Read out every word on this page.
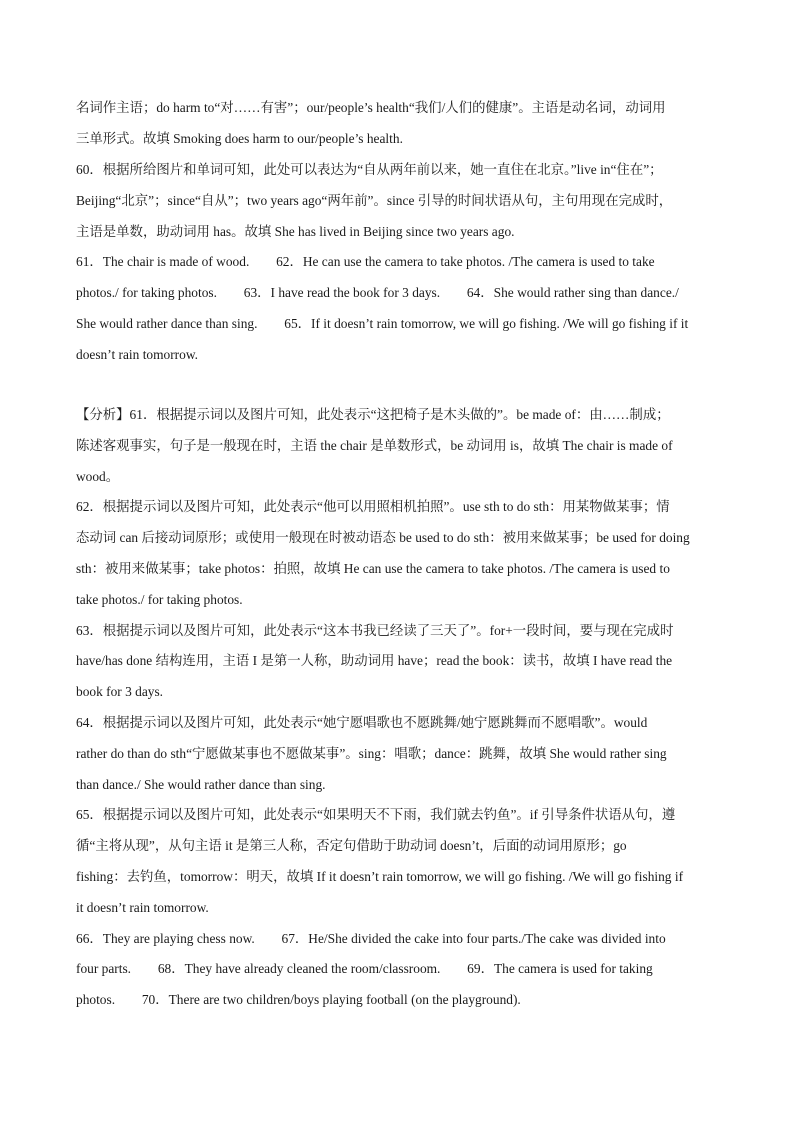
名词作主语；do harm to“对……有害”；our/people’s health“我们/人们的健康”。主语是动名词，动词用
三单形式。故填 Smoking does harm to our/people’s health.
60．根据所给图片和单词可知，此处可以表达为“自从两年前以来，她一直住在北京。”live in“住在”；
Beijing“北京”；since“自从”；two years ago“两年前”。since 引导的时间状语从句，主句用现在完成时，
主语是单数，助动词用 has。故填 She has lived in Beijing since two years ago.
61．The chair is made of wood.        62．He can use the camera to take photos. /The camera is used to take
photos./ for taking photos.        63．I have read the book for 3 days.        64．She would rather sing than dance./
She would rather dance than sing.        65．If it doesn’t rain tomorrow, we will go fishing. /We will go fishing if it
doesn’t rain tomorrow.
【分析】61．根据提示词以及图片可知，此处表示“这把椅子是木头做的”。be made of：由……制成；
陈述客观事实，句子是一般现在时，主语 the chair 是单数形式，be 动词用 is，故填 The chair is made of
wood。
62．根据提示词以及图片可知，此处表示“他可以用照相机拍照”。use sth to do sth：用某物做某事；情
态动词 can 后接动词原形；或使用一般现在时被动语态 be used to do sth：被用来做某事；be used for doing
sth：被用来做某事；take photos：拍照，故填 He can use the camera to take photos. /The camera is used to
take photos./ for taking photos.
63．根据提示词以及图片可知，此处表示“这本书我已经读了三天了”。for+一段时间，要与现在完成时
have/has done 结构连用，主语 I 是第一人称，助动词用 have；read the book：读书，故填 I have read the
book for 3 days.
64．根据提示词以及图片可知，此处表示“她宁愿唱歌也不愿跳舞/她宁愿跳舞而不愿唱歌”。would
rather do than do sth“宁愿做某事也不愿做某事”。sing：唱歌；dance：跳舞，故填 She would rather sing
than dance./ She would rather dance than sing.
65．根据提示词以及图片可知，此处表示“如果明天不下雨，我们就去钓鱼”。if 引导条件状语从句，遵
循“主将从现”，从句主语 it 是第三人称，否定句借助于助动词 doesn’t，后面的动词用原形；go
fishing：去钓鱼，tomorrow：明天，故填 If it doesn’t rain tomorrow, we will go fishing. /We will go fishing if
it doesn’t rain tomorrow.
66．They are playing chess now.        67．He/She divided the cake into four parts./The cake was divided into
four parts.        68．They have already cleaned the room/classroom.        69．The camera is used for taking
photos.        70．There are two children/boys playing football (on the playground).
